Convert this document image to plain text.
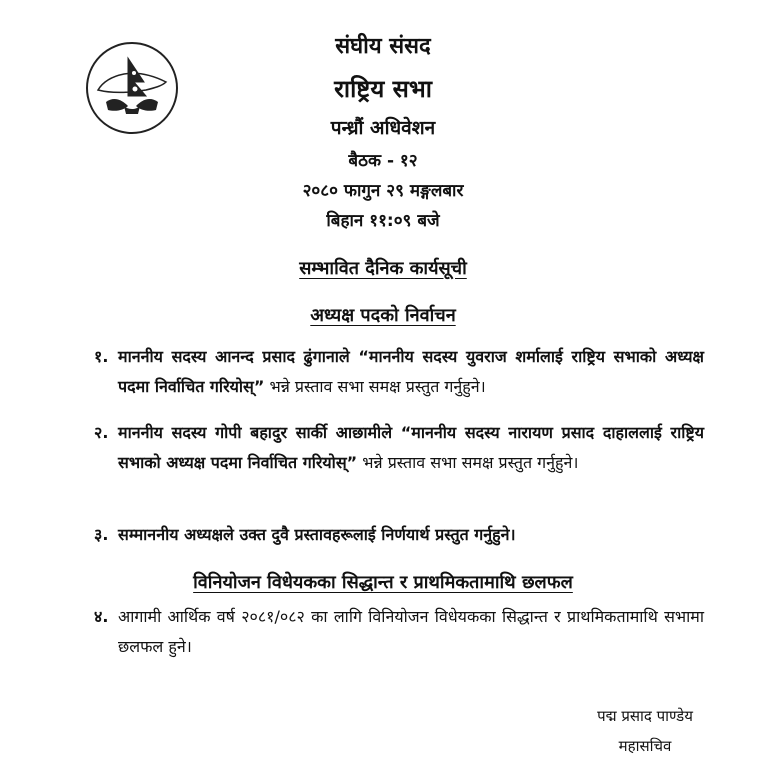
संघीय संसद
राष्ट्रिय सभा
पन्ध्रौं अधिवेशन
बैठक - १२
२०८० फागुन २९ मङ्गलबार
बिहान ११:०९ बजे
सम्भावित दैनिक कार्यसूची
अध्यक्ष पदको निर्वाचन
१. माननीय सदस्य आनन्द प्रसाद ढुंगानाले “माननीय सदस्य युवराज शर्मालाई राष्ट्रिय सभाको अध्यक्ष पदमा निर्वाचित गरियोस्” भन्ने प्रस्ताव सभा समक्ष प्रस्तुत गर्नुहुने।
२. माननीय सदस्य गोपी बहादुर सार्की आछामीले “माननीय सदस्य नारायण प्रसाद दाहाललाई राष्ट्रिय सभाको अध्यक्ष पदमा निर्वाचित गरियोस्” भन्ने प्रस्ताव सभा समक्ष प्रस्तुत गर्नुहुने।
३. सम्माननीय अध्यक्षले उक्त दुवै प्रस्तावहरूलाई निर्णयार्थ प्रस्तुत गर्नुहुने।
विनियोजन विधेयकका सिद्धान्त र प्राथमिकतामाथि छलफल
४. आगामी आर्थिक वर्ष २०८१/०८२ का लागि विनियोजन विधेयकका सिद्धान्त र प्राथमिकतामाथि सभामा छलफल हुने।
पद्म प्रसाद पाण्डेय
महासचिव
